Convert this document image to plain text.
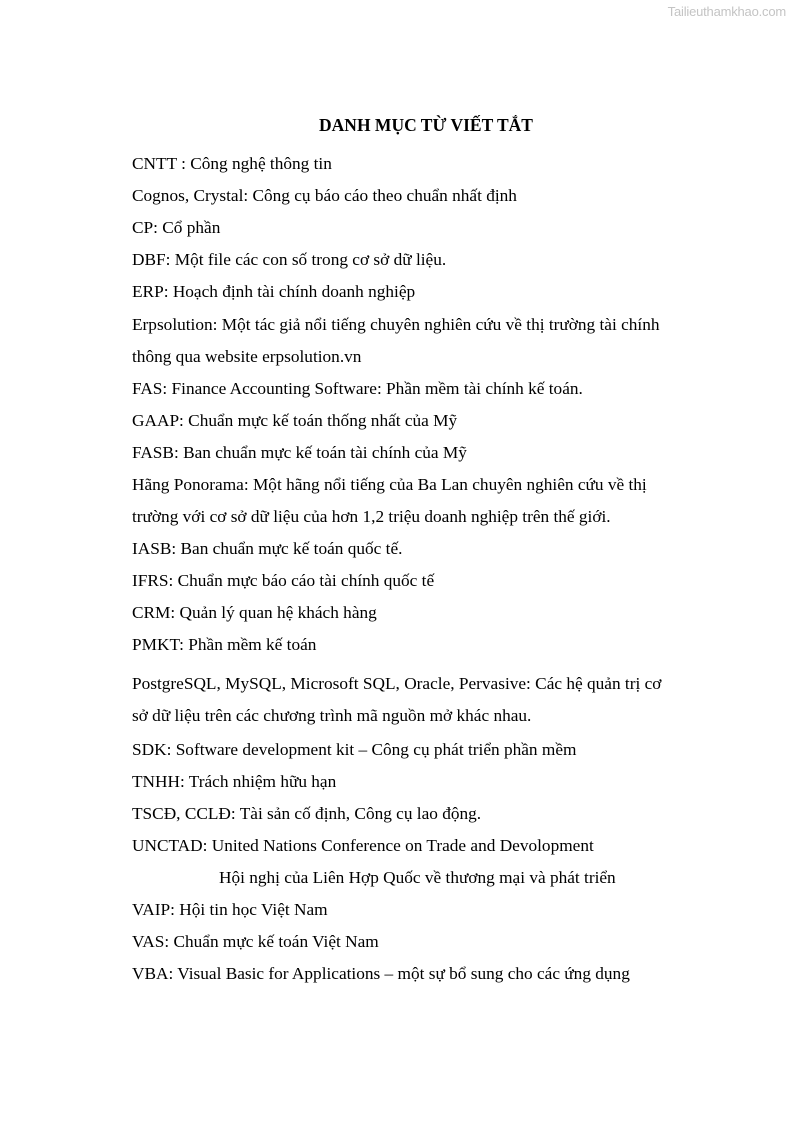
Tailieuthamkhao.com
DANH MỤC TỪ VIẾT TẮT
CNTT : Công nghệ thông tin
Cognos, Crystal: Công cụ báo cáo theo chuẩn nhất định
CP: Cổ phần
DBF: Một file các con số trong cơ sở dữ liệu.
ERP: Hoạch định tài chính doanh nghiệp
Erpsolution: Một tác giả nổi tiếng chuyên nghiên cứu về thị trường tài chính
thông qua website erpsolution.vn
FAS: Finance Accounting Software: Phần mềm tài chính kế toán.
GAAP: Chuẩn mực kế toán thống nhất của Mỹ
FASB: Ban chuẩn mực kế toán tài chính của Mỹ
Hãng Ponorama: Một hãng nổi tiếng của Ba Lan chuyên nghiên cứu về thị
trường với cơ sở dữ liệu của hơn 1,2 triệu doanh nghiệp trên thế giới.
IASB: Ban chuẩn mực kế toán quốc tế.
IFRS: Chuẩn mực báo cáo tài chính quốc tế
CRM: Quản lý quan hệ khách hàng
PMKT: Phần mềm kế toán
PostgreSQL, MySQL, Microsoft SQL, Oracle, Pervasive: Các hệ quản trị cơ
sở dữ liệu trên các chương trình mã nguồn mở khác nhau.
SDK: Software development kit – Công cụ phát triển phần mềm
TNHH: Trách nhiệm hữu hạn
TSCĐ, CCLĐ: Tài sản cố định, Công cụ lao động.
UNCTAD: United Nations Conference on Trade and Devolopment
Hội nghị của Liên Hợp Quốc về thương mại và phát triển
VAIP: Hội tin học Việt Nam
VAS: Chuẩn mực kế toán Việt Nam
VBA: Visual Basic for Applications – một sự bổ sung cho các ứng dụng
